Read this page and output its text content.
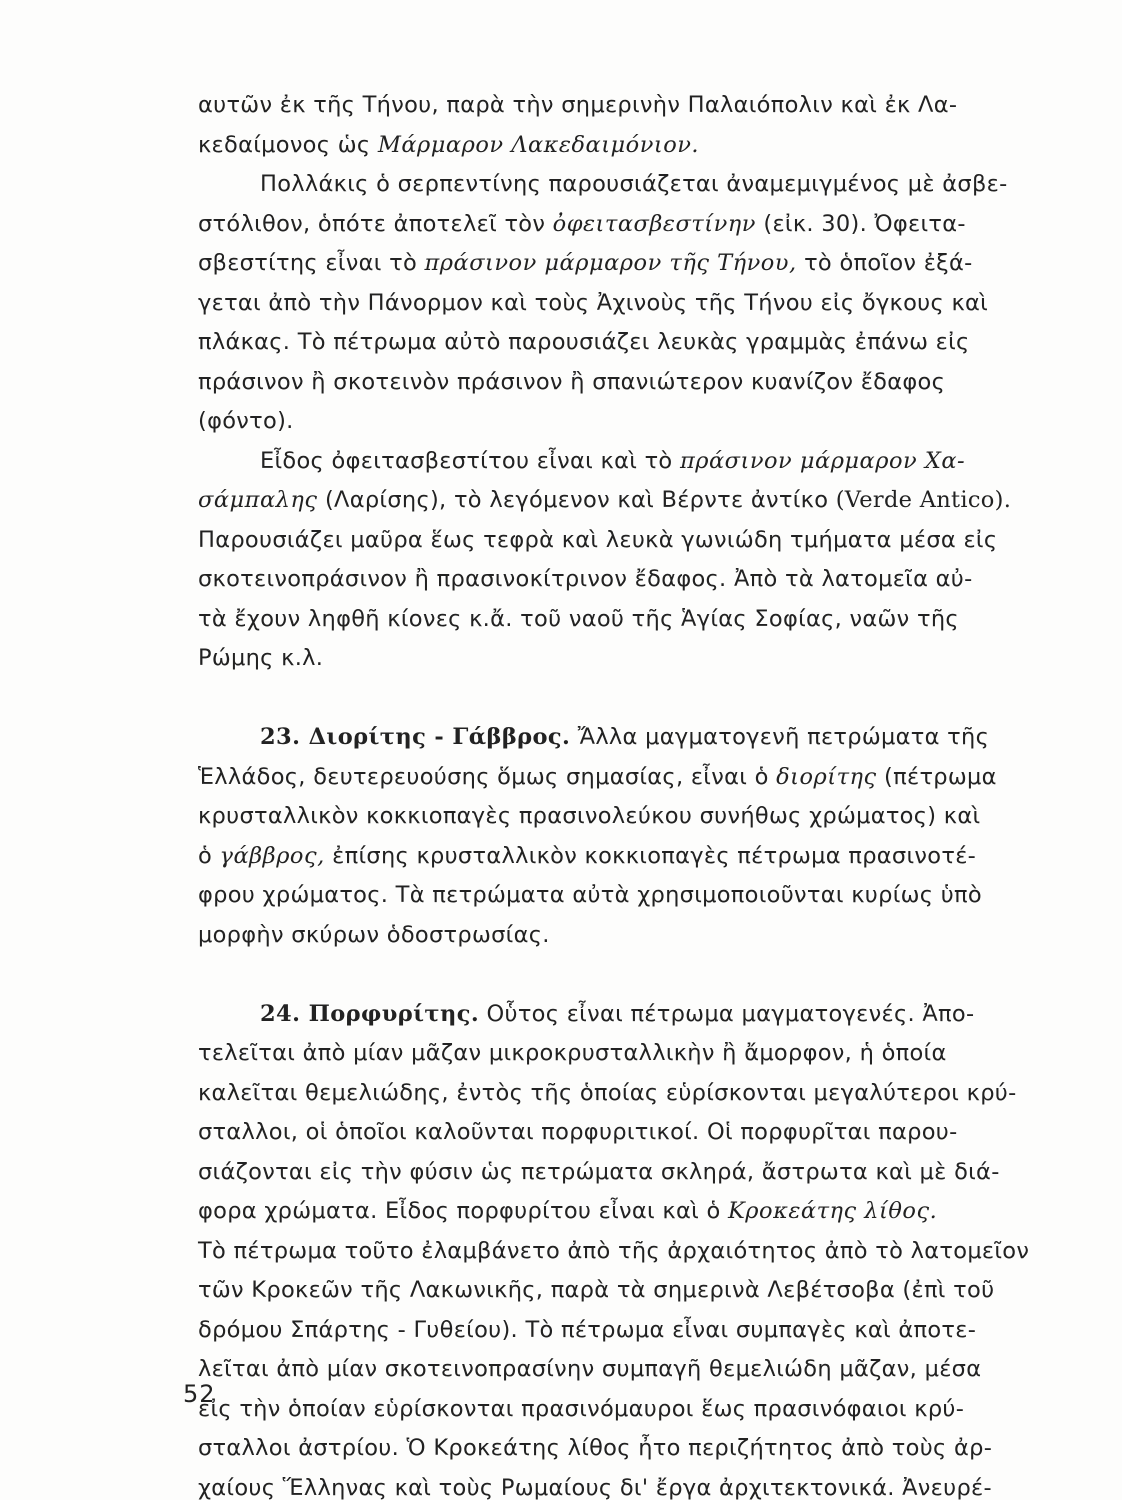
αυτῶν ἐκ τῆς Τήνου, παρὰ τὴν σημερινὴν Παλαιόπολιν καὶ ἐκ Λα-
κεδαίμονος ὡς Μάρμαρον Λακεδαιμόνιον.
Πολλάκις ὁ σερπεντίνης παρουσιάζεται ἀναμεμιγμένος μὲ ἀσβε-
στόλιθον, ὁπότε ἀποτελεῖ τὸν ὀφειτασβεστίνην (εἰκ. 30). Ὀφειτα-
σβεστίτης εἶναι τὸ πράσινον μάρμαρον τῆς Τήνου, τὸ ὁποῖον ἐξά-
γεται ἀπὸ τὴν Πάνορμον καὶ τοὺς Ἀχινοὺς τῆς Τήνου εἰς ὄγκους καὶ
πλάκας. Τὸ πέτρωμα αὐτὸ παρουσιάζει λευκὰς γραμμὰς ἐπάνω εἰς
πράσινον ἢ σκοτεινὸν πράσινον ἢ σπανιώτερον κυανίζον ἔδαφος
(φόντο).
Εἶδος ὀφειτασβεστίτου εἶναι καὶ τὸ πράσινον μάρμαρον Χα-
σάμπαλης (Λαρίσης), τὸ λεγόμενον καὶ Βέρντε ἀντίκο (Verde Antico).
Παρουσιάζει μαῦρα ἕως τεφρὰ καὶ λευκὰ γωνιώδη τμήματα μέσα εἰς
σκοτεινοπράσινον ἢ πρασινοκίτρινον ἔδαφος. Ἀπὸ τὰ λατομεῖα αὐ-
τὰ ἔχουν ληφθῆ κίονες κ.ἄ. τοῦ ναοῦ τῆς Ἁγίας Σοφίας, ναῶν τῆς
Ρώμης κ.λ.
23. Διορίτης - Γάββρος. Ἄλλα μαγματογενῆ πετρώματα τῆς
Ἑλλάδος, δευτερευούσης ὅμως σημασίας, εἶναι ὁ διορίτης (πέτρωμα
κρυσταλλικὸν κοκκιοπαγὲς πρασινολεύκου συνήθως χρώματος) καὶ
ὁ γάββρος, ἐπίσης κρυσταλλικὸν κοκκιοπαγὲς πέτρωμα πρασινοτέ-
φρου χρώματος. Τὰ πετρώματα αὐτὰ χρησιμοποιοῦνται κυρίως ὑπὸ
μορφὴν σκύρων ὁδοστρωσίας.
24. Πορφυρίτης. Οὗτος εἶναι πέτρωμα μαγματογενές. Ἀπο-
τελεῖται ἀπὸ μίαν μᾶζαν μικροκρυσταλλικὴν ἢ ἄμορφον, ἡ ὁποία
καλεῖται θεμελιώδης, ἐντὸς τῆς ὁποίας εὑρίσκονται μεγαλύτεροι κρύ-
σταλλοι, οἱ ὁποῖοι καλοῦνται πορφυριτικοί. Οἱ πορφυρῖται παρου-
σιάζονται εἰς τὴν φύσιν ὡς πετρώματα σκληρά, ἄστρωτα καὶ μὲ διά-
φορα χρώματα. Εἶδος πορφυρίτου εἶναι καὶ ὁ Κροκεάτης λίθος.
Τὸ πέτρωμα τοῦτο ἐλαμβάνετο ἀπὸ τῆς ἀρχαιότητος ἀπὸ τὸ λατομεῖον
τῶν Κροκεῶν τῆς Λακωνικῆς, παρὰ τὰ σημερινὰ Λεβέτσοβα (ἐπὶ τοῦ
δρόμου Σπάρτης - Γυθείου). Τὸ πέτρωμα εἶναι συμπαγὲς καὶ ἀποτε-
λεῖται ἀπὸ μίαν σκοτεινοπρασίνην συμπαγῆ θεμελιώδη μᾶζαν, μέσα
εἰς τὴν ὁποίαν εὑρίσκονται πρασινόμαυροι ἕως πρασινόφαιοι κρύ-
σταλλοι ἀστρίου. Ὁ Κροκεάτης λίθος ἦτο περιζήτητος ἀπὸ τοὺς ἀρ-
χαίους Ἕλληνας καὶ τοὺς Ρωμαίους δι' ἔργα ἀρχιτεκτονικά. Ἀνευρέ-
52
